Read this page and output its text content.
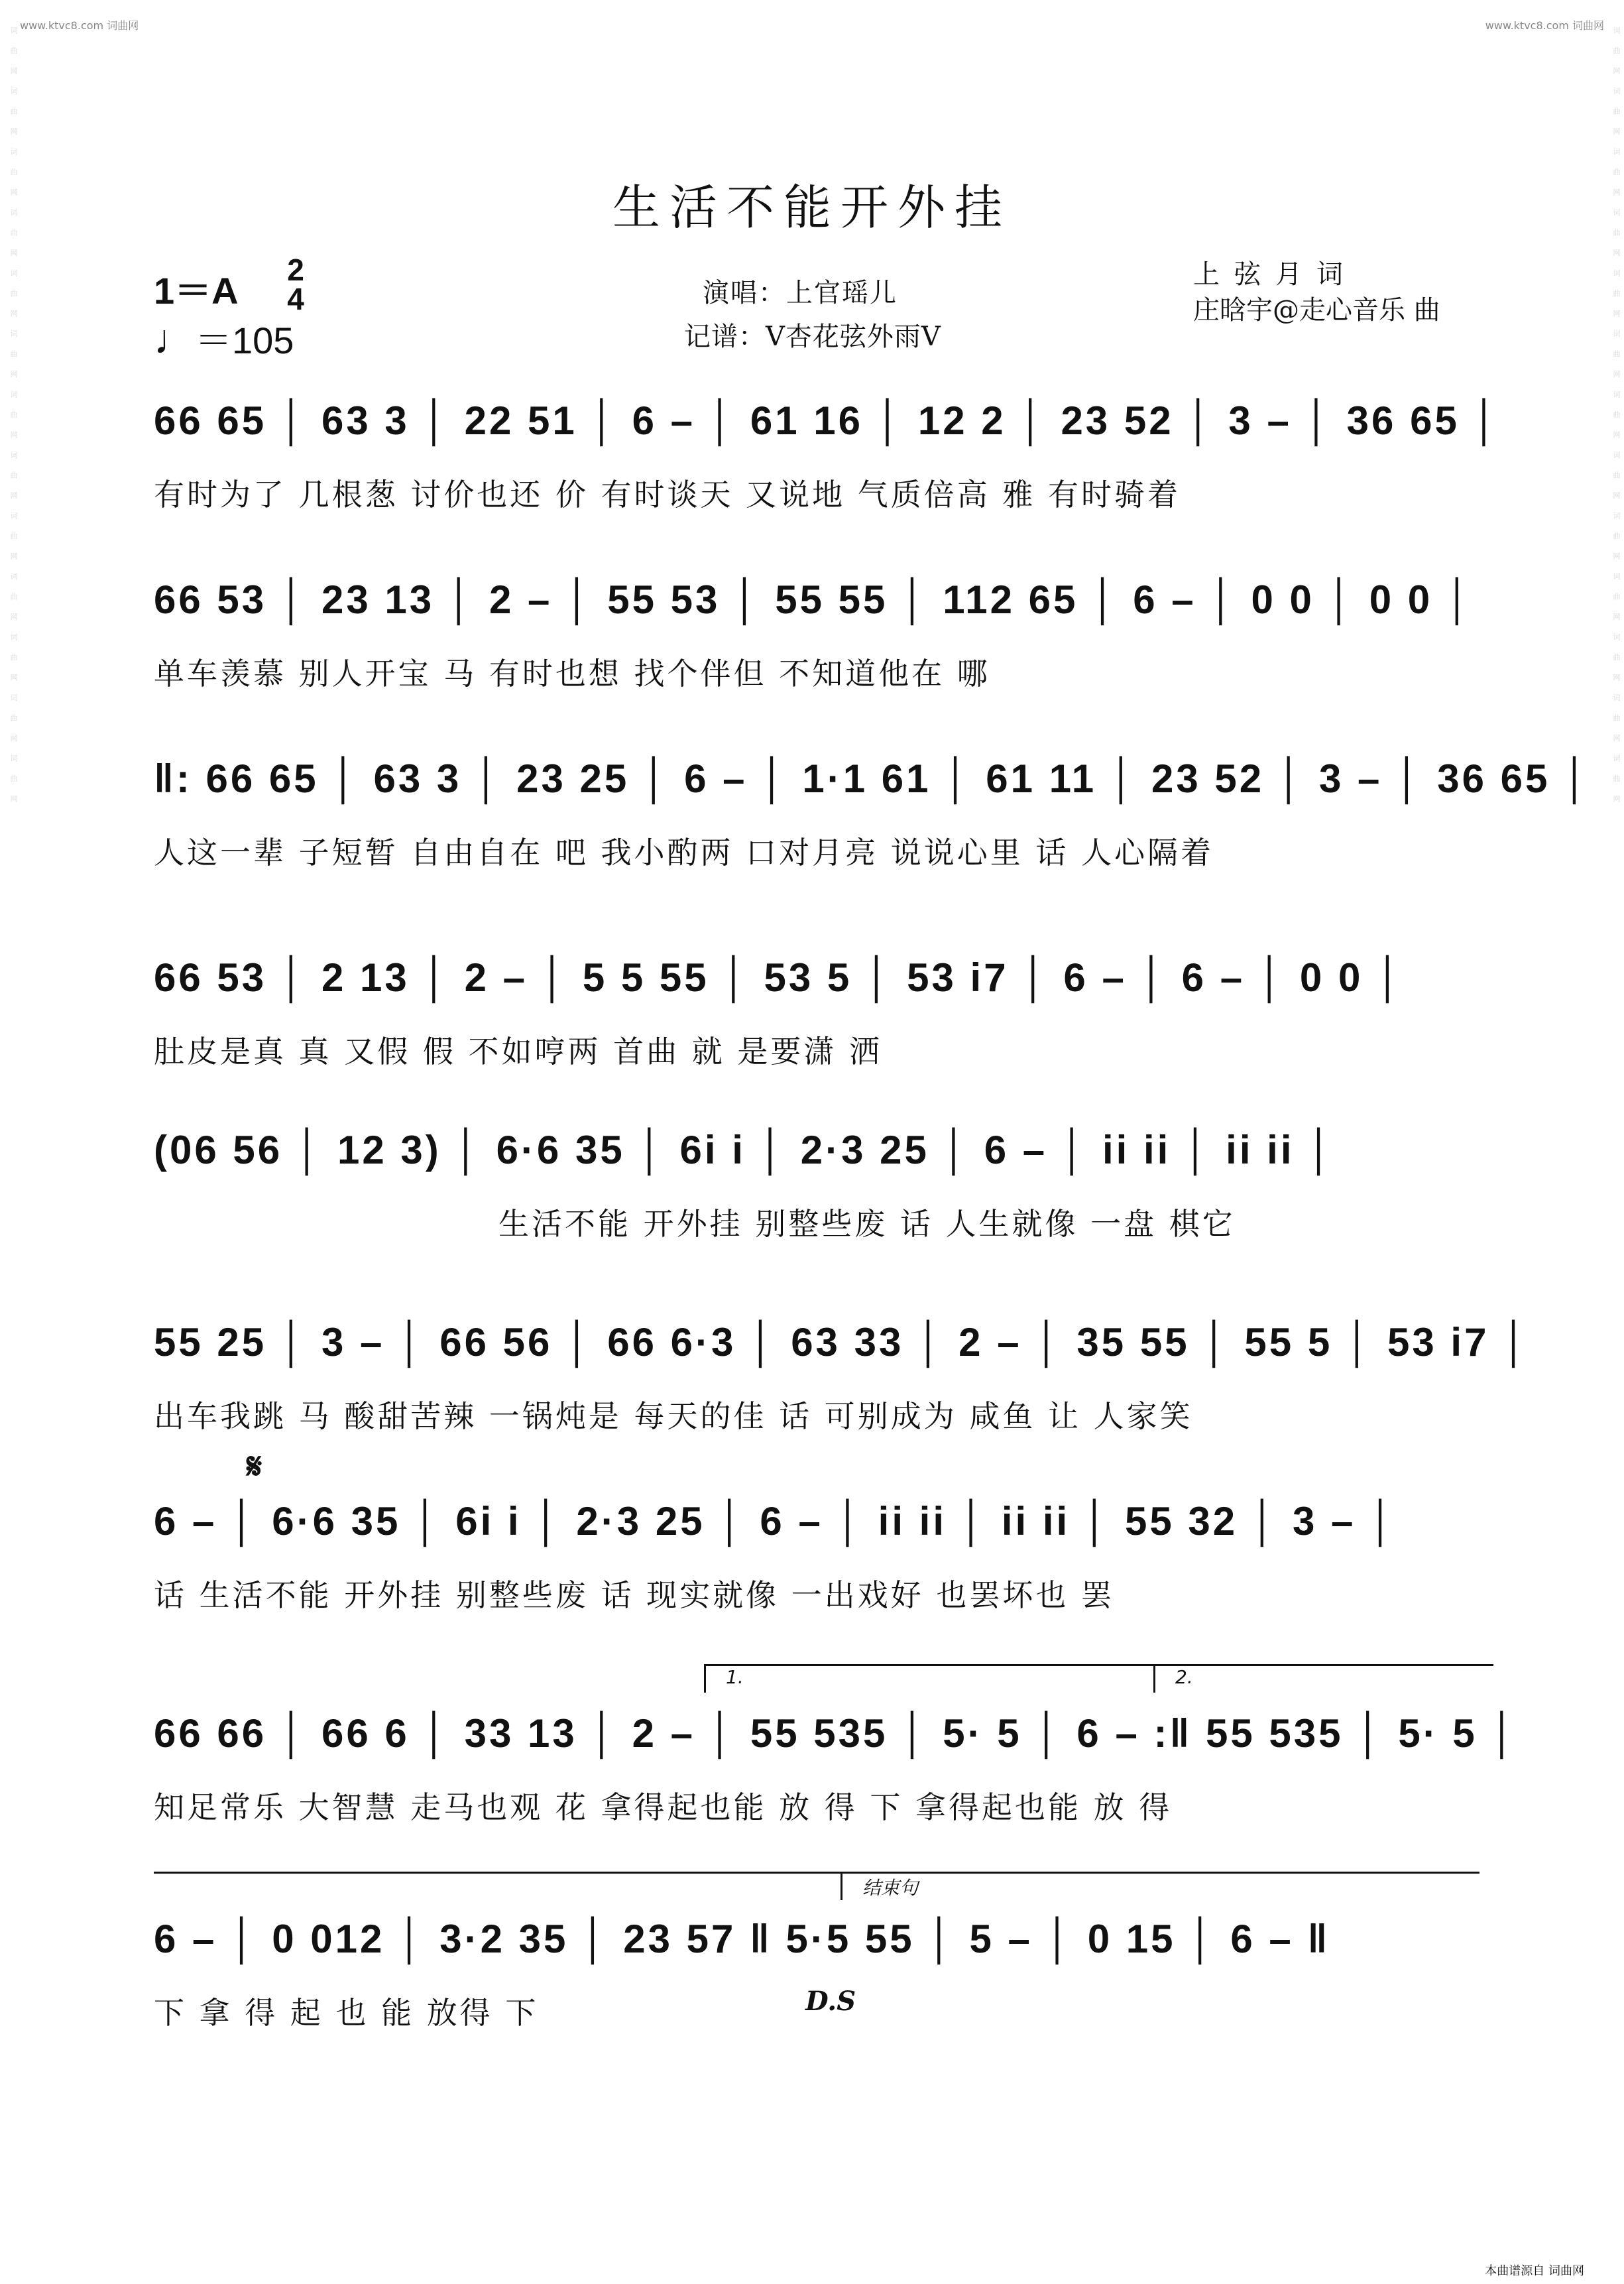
词 曲 网 词 曲 网 词 曲 网 词 曲 网 词 曲 网 词 曲 网 词 曲 网 词 曲 网 词 曲 网 词 曲 网 词 曲 网 词 曲 网 词 曲 网	词 曲 网 词 曲 网 词 曲 网 词 曲 网 词 曲 网 词 曲 网 词 曲 网 词 曲 网 词 曲 网 词 曲 网 词 曲 网 词 曲 网 词 曲 网
www.ktvc8.com 词曲网	www.ktvc8.com 词曲网
生活不能开外挂
1＝A 2
4
♩＝105
演唱：上官瑶儿
记谱：V杏花弦外雨V
上弦月词
庄晗宇@走心音乐 曲
66 65 │ 63 3 │ 22 51 │ 6 – │ 61 16 │ 12 2 │ 23 52 │ 3 – │ 36 65 │
有时为了 几根葱 讨价也还 价 有时谈天 又说地 气质倍高 雅 有时骑着
66 53 │ 23 13 │ 2 – │ 55 53 │ 55 55 │ 112 65 │ 6 – │ 0 0 │ 0 0 │
单车羡慕 别人开宝 马 有时也想 找个伴但 不知道他在 哪
‖: 66 65 │ 63 3 │ 23 25 │ 6 – │ 1·1 61 │ 61 11 │ 23 52 │ 3 – │ 36 65 │
人这一辈 子短暂 自由自在 吧 我小酌两 口对月亮 说说心里 话 人心隔着
66 53 │ 2 13 │ 2 – │ 5 5 55 │ 53 5 │ 53 i7 │ 6 – │ 6 – │ 0 0 │
肚皮是真 真 又假 假 不如哼两 首曲 就 是要潇 洒
(06 56 │ 12 3) │ 6·6 35 │ 6i i │ 2·3 25 │ 6 – │ ii ii │ ii ii │
生活不能 开外挂 别整些废 话 人生就像 一盘 棋它
55 25 │ 3 – │ 66 56 │ 66 6·3 │ 63 33 │ 2 – │ 35 55 │ 55 5 │ 53 i7 │
出车我跳 马 酸甜苦辣 一锅炖是 每天的佳 话 可别成为 咸鱼 让 人家笑
𝄋
6 – │ 6·6 35 │ 6i i │ 2·3 25 │ 6 – │ ii ii │ ii ii │ 55 32 │ 3 – │
话 生活不能 开外挂 别整些废 话 现实就像 一出戏好 也罢坏也 罢
1.	2.
66 66 │ 66 6 │ 33 13 │ 2 – │ 55 535 │ 5· 5 │ 6 – :‖ 55 535 │ 5· 5 │
知足常乐 大智慧 走马也观 花 拿得起也能 放 得 下 拿得起也能 放 得
结束句
6 – │ 0 012 │ 3·2 35 │ 23 57 ‖ 5·5 55 │ 5 – │ 0 15 │ 6 – ‖
下 拿 得 起 也 能 放得 下	D.S
本曲谱源自 词曲网
